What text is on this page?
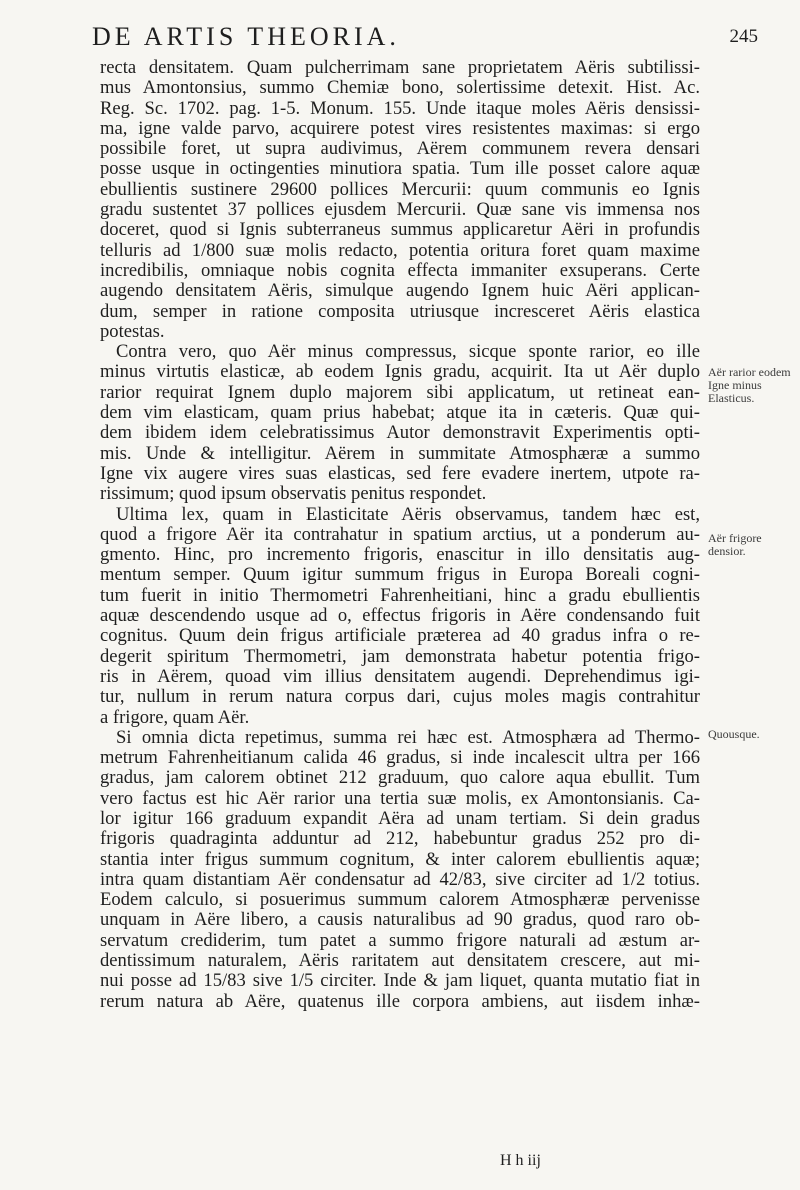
DE ARTIS THEORIA.	245
recta densitatem. Quam pulcherrimam sane proprietatem Aëris subtilissi-
mus Amontonsius, summo Chemiæ bono, solertissime detexit. Hist. Ac.
Reg. Sc. 1702. pag. 1-5. Monum. 155. Unde itaque moles Aëris densissi-
ma, igne valde parvo, acquirere potest vires resistentes maximas: si ergo
possibile foret, ut supra audivimus, Aërem communem revera densari
posse usque in octingenties minutiora spatia. Tum ille posset calore aquæ
ebullientis sustinere 29600 pollices Mercurii: quum communis eo Ignis
gradu sustentet 37 pollices ejusdem Mercurii. Quæ sane vis immensa nos
doceret, quod si Ignis subterraneus summus applicaretur Aëri in profundis
telluris ad 1/800 suæ molis redacto, potentia oritura foret quam maxime
incredibilis, omniaque nobis cognita effecta immaniter exsuperans. Certe
augendo densitatem Aëris, simulque augendo Ignem huic Aëri applican-
dum, semper in ratione composita utriusque incresceret Aëris elastica
potestas.
Contra vero, quo Aër minus compressus, sicque sponte rarior, eo ille
minus virtutis elasticæ, ab eodem Ignis gradu, acquirit. Ita ut Aër duplo
rarior requirat Ignem duplo majorem sibi applicatum, ut retineat ean-
dem vim elasticam, quam prius habebat; atque ita in cæteris. Quæ qui-
dem ibidem idem celebratissimus Autor demonstravit Experimentis opti-
mis. Unde & intelligitur. Aërem in summitate Atmosphæræ a summo
Igne vix augere vires suas elasticas, sed fere evadere inertem, utpote ra-
rissimum; quod ipsum observatis penitus respondet.
Ultima lex, quam in Elasticitate Aëris observamus, tandem hæc est,
quod a frigore Aër ita contrahatur in spatium arctius, ut a ponderum au-
gmento. Hinc, pro incremento frigoris, enascitur in illo densitatis aug-
mentum semper. Quum igitur summum frigus in Europa Boreali cogni-
tum fuerit in initio Thermometri Fahrenheitiani, hinc a gradu ebullientis
aquæ descendendo usque ad o, effectus frigoris in Aëre condensando fuit
cognitus. Quum dein frigus artificiale præterea ad 40 gradus infra o re-
degerit spiritum Thermometri, jam demonstrata habetur potentia frigo-
ris in Aërem, quoad vim illius densitatem augendi. Deprehendimus igi-
tur, nullum in rerum natura corpus dari, cujus moles magis contrahitur
a frigore, quam Aër.
Si omnia dicta repetimus, summa rei hæc est. Atmosphæra ad Thermo-
metrum Fahrenheitianum calida 46 gradus, si inde incalescit ultra per 166
gradus, jam calorem obtinet 212 graduum, quo calore aqua ebullit. Tum
vero factus est hic Aër rarior una tertia suæ molis, ex Amontonsianis. Ca-
lor igitur 166 graduum expandit Aëra ad unam tertiam. Si dein gradus
frigoris quadraginta adduntur ad 212, habebuntur gradus 252 pro di-
stantia inter frigus summum cognitum, & inter calorem ebullientis aquæ;
intra quam distantiam Aër condensatur ad 42/83, sive circiter ad 1/2 totius.
Eodem calculo, si posuerimus summum calorem Atmosphæræ pervenisse
unquam in Aëre libero, a causis naturalibus ad 90 gradus, quod raro ob-
servatum crediderim, tum patet a summo frigore naturali ad æstum ar-
dentissimum naturalem, Aëris raritatem aut densitatem crescere, aut mi-
nui posse ad 15/83 sive 1/5 circiter. Inde & jam liquet, quanta mutatio fiat in
rerum natura ab Aëre, quatenus ille corpora ambiens, aut iisdem inhæ-
Aër rarior eodem Igne minus Elasticus.
Aër frigore densior.
Quousque.
H h iij
